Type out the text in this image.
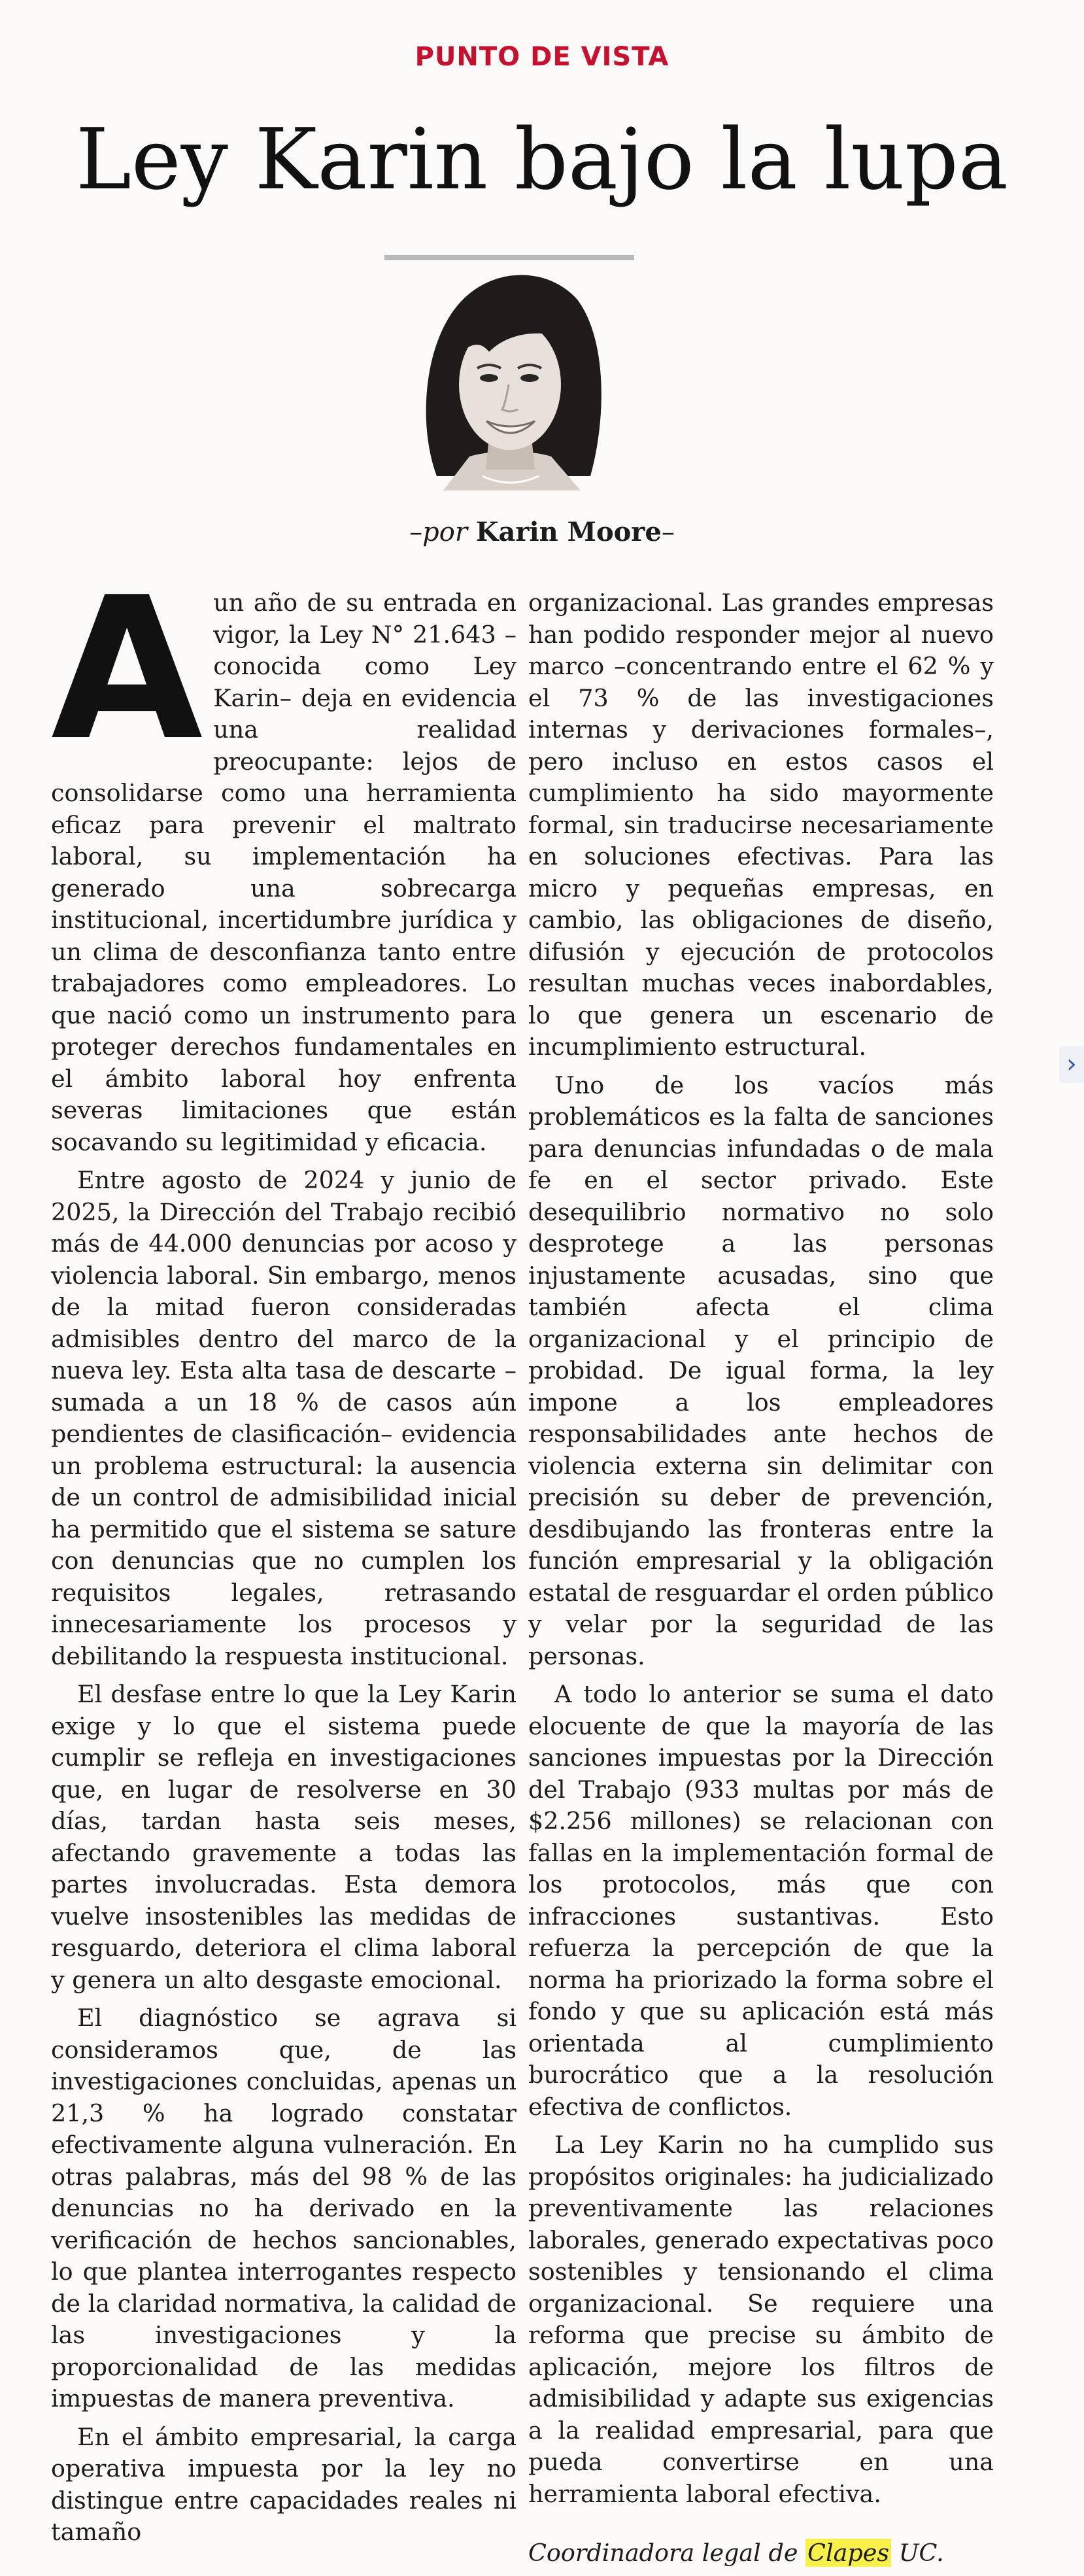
PUNTO DE VISTA
Ley Karin bajo la lupa
–por Karin Moore–

Aun año de su entrada en vigor, la Ley N° 21.643 –conocida como Ley Karin– deja en evidencia una realidad preocupante: lejos de consolidarse como una herramienta eficaz para prevenir el maltrato laboral, su implementación ha generado una sobrecarga institucional, incertidumbre jurídica y un clima de desconfianza tanto entre trabajadores como empleadores. Lo que nació como un instrumento para proteger derechos fundamentales en el ámbito laboral hoy enfrenta severas limitaciones que están socavando su legitimidad y eficacia.

Entre agosto de 2024 y junio de 2025, la Dirección del Trabajo recibió más de 44.000 denuncias por acoso y violencia laboral. Sin embargo, menos de la mitad fueron consideradas admisibles dentro del marco de la nueva ley. Esta alta tasa de descarte –sumada a un 18 % de casos aún pendientes de clasificación– evidencia un problema estructural: la ausencia de un control de admisibilidad inicial ha permitido que el sistema se sature con denuncias que no cumplen los requisitos legales, retrasando innecesariamente los procesos y debilitando la respuesta institucional.

El desfase entre lo que la Ley Karin exige y lo que el sistema puede cumplir se refleja en investigaciones que, en lugar de resolverse en 30 días, tardan hasta seis meses, afectando gravemente a todas las partes involucradas. Esta demora vuelve insostenibles las medidas de resguardo, deteriora el clima laboral y genera un alto desgaste emocional.

El diagnóstico se agrava si consideramos que, de las investigaciones concluidas, apenas un 21,3 % ha logrado constatar efectivamente alguna vulneración. En otras palabras, más del 98 % de las denuncias no ha derivado en la verificación de hechos sancionables, lo que plantea interrogantes respecto de la claridad normativa, la calidad de las investigaciones y la proporcionalidad de las medidas impuestas de manera preventiva.

En el ámbito empresarial, la carga operativa impuesta por la ley no distingue entre capacidades reales ni tamaño

organizacional. Las grandes empresas han podido responder mejor al nuevo marco –concentrando entre el 62 % y el 73 % de las investigaciones internas y derivaciones formales–, pero incluso en estos casos el cumplimiento ha sido mayormente formal, sin traducirse necesariamente en soluciones efectivas. Para las micro y pequeñas empresas, en cambio, las obligaciones de diseño, difusión y ejecución de protocolos resultan muchas veces inabordables, lo que genera un escenario de incumplimiento estructural.

Uno de los vacíos más problemáticos es la falta de sanciones para denuncias infundadas o de mala fe en el sector privado. Este desequilibrio normativo no solo desprotege a las personas injustamente acusadas, sino que también afecta el clima organizacional y el principio de probidad. De igual forma, la ley impone a los empleadores responsabilidades ante hechos de violencia externa sin delimitar con precisión su deber de prevención, desdibujando las fronteras entre la función empresarial y la obligación estatal de resguardar el orden público y velar por la seguridad de las personas.

A todo lo anterior se suma el dato elocuente de que la mayoría de las sanciones impuestas por la Dirección del Trabajo (933 multas por más de $2.256 millones) se relacionan con fallas en la implementación formal de los protocolos, más que con infracciones sustantivas. Esto refuerza la percepción de que la norma ha priorizado la forma sobre el fondo y que su aplicación está más orientada al cumplimiento burocrático que a la resolución efectiva de conflictos.

La Ley Karin no ha cumplido sus propósitos originales: ha judicializado preventivamente las relaciones laborales, generado expectativas poco sostenibles y tensionando el clima organizacional. Se requiere una reforma que precise su ámbito de aplicación, mejore los filtros de admisibilidad y adapte sus exigencias a la realidad empresarial, para que pueda convertirse en una herramienta laboral efectiva.

Coordinadora legal de Clapes UC.

›
